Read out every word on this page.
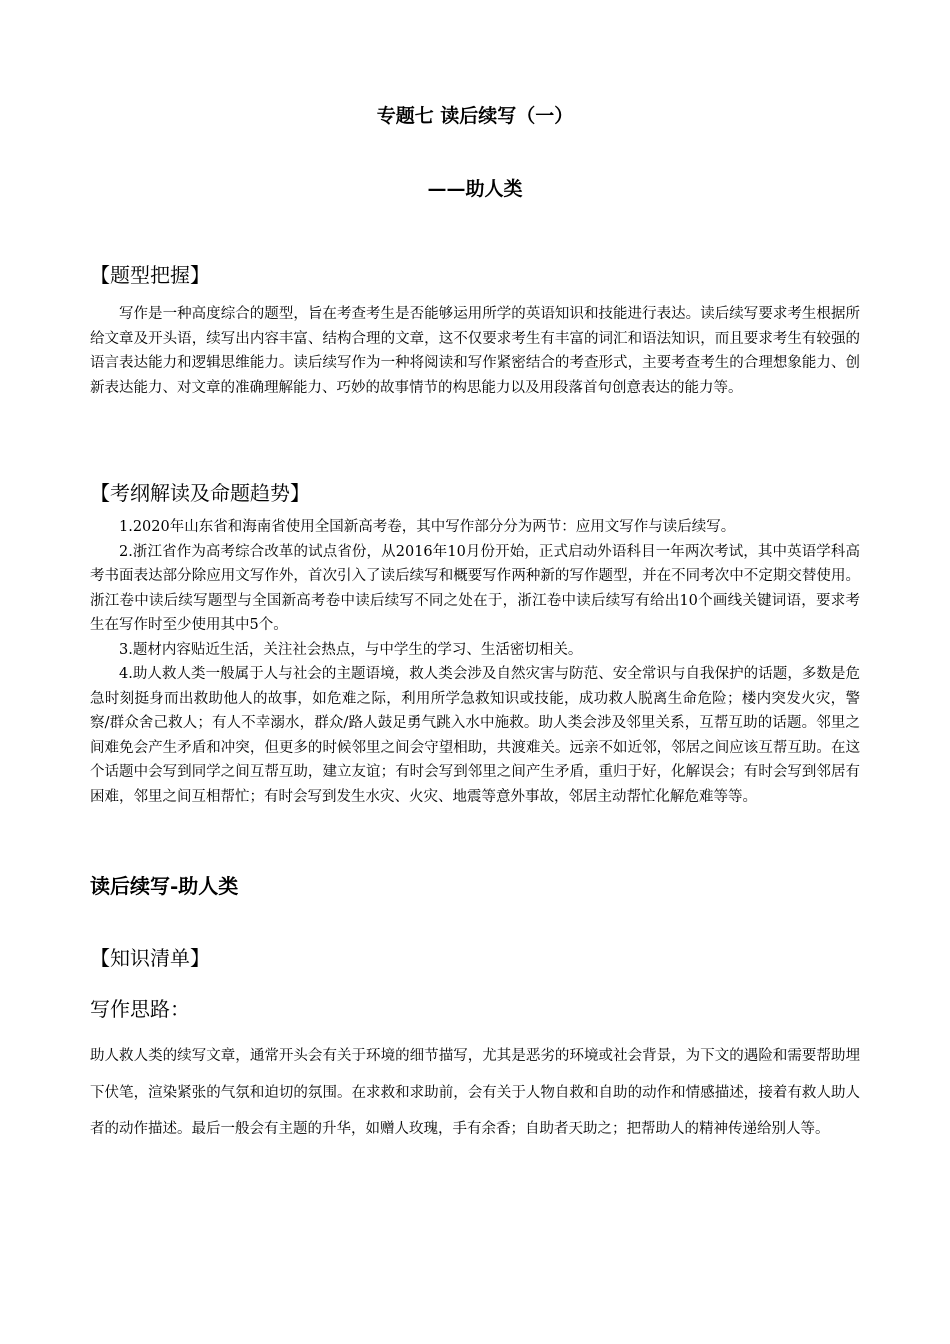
专题七 读后续写（一）
——助人类
【题型把握】

写作是一种高度综合的题型，旨在考查考生是否能够运用所学的英语知识和技能进行表达。读后续写要求考生根据所给文章及开头语，续写出内容丰富、结构合理的文章，这不仅要求考生有丰富的词汇和语法知识，而且要求考生有较强的语言表达能力和逻辑思维能力。读后续写作为一种将阅读和写作紧密结合的考查形式，主要考查考生的合理想象能力、创新表达能力、对文章的准确理解能力、巧妙的故事情节的构思能力以及用段落首句创意表达的能力等。

【考纲解读及命题趋势】

1.2020年山东省和海南省使用全国新高考卷，其中写作部分分为两节：应用文写作与读后续写。

2.浙江省作为高考综合改革的试点省份，从2016年10月份开始，正式启动外语科目一年两次考试，其中英语学科高考书面表达部分除应用文写作外，首次引入了读后续写和概要写作两种新的写作题型，并在不同考次中不定期交替使用。浙江卷中读后续写题型与全国新高考卷中读后续写不同之处在于，浙江卷中读后续写有给出10个画线关键词语，要求考生在写作时至少使用其中5个。

3.题材内容贴近生活，关注社会热点，与中学生的学习、生活密切相关。

4.助人救人类一般属于人与社会的主题语境，救人类会涉及自然灾害与防范、安全常识与自我保护的话题，多数是危急时刻挺身而出救助他人的故事，如危难之际，利用所学急救知识或技能，成功救人脱离生命危险；楼内突发火灾，警察/群众舍己救人；有人不幸溺水，群众/路人鼓足勇气跳入水中施救。助人类会涉及邻里关系，互帮互助的话题。邻里之间难免会产生矛盾和冲突，但更多的时候邻里之间会守望相助，共渡难关。远亲不如近邻，邻居之间应该互帮互助。在这个话题中会写到同学之间互帮互助，建立友谊；有时会写到邻里之间产生矛盾，重归于好，化解误会；有时会写到邻居有困难，邻里之间互相帮忙；有时会写到发生水灾、火灾、地震等意外事故，邻居主动帮忙化解危难等等。

读后续写-助人类
【知识清单】
写作思路：

助人救人类的续写文章，通常开头会有关于环境的细节描写，尤其是恶劣的环境或社会背景，为下文的遇险和需要帮助埋下伏笔，渲染紧张的气氛和迫切的氛围。在求救和求助前，会有关于人物自救和自助的动作和情感描述，接着有救人助人者的动作描述。最后一般会有主题的升华，如赠人玫瑰，手有余香；自助者天助之；把帮助人的精神传递给别人等。
